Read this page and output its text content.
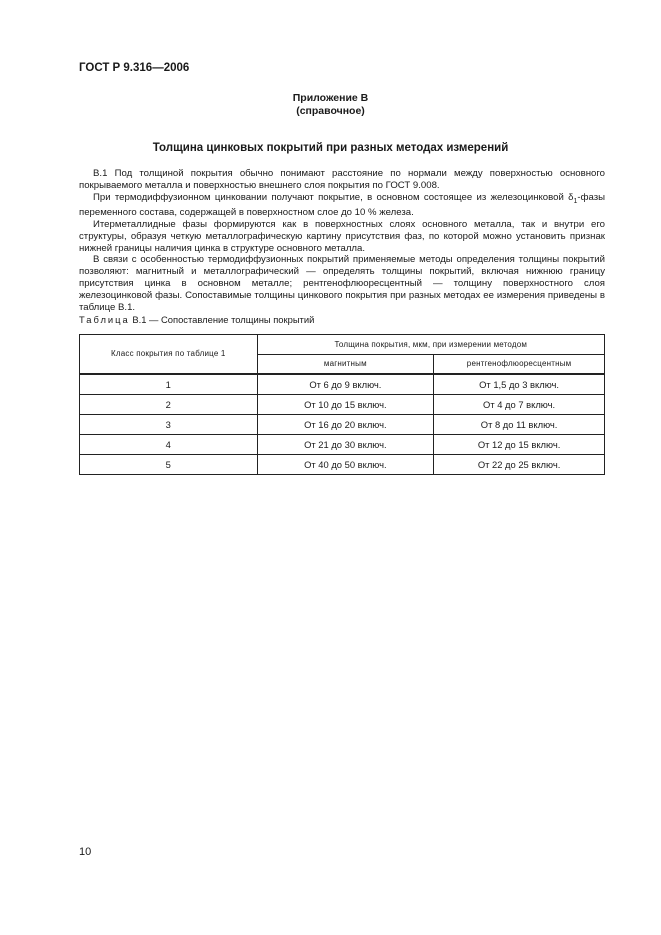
ГОСТ Р 9.316—2006
Приложение В
(справочное)
Толщина цинковых покрытий при разных методах измерений

В.1 Под толщиной покрытия обычно понимают расстояние по нормали между поверхностью основного покрываемого металла и поверхностью внешнего слоя покрытия по ГОСТ 9.008.

При термодиффузионном цинковании получают покрытие, в основном состоящее из железоцинковой $\delta_1$-фазы переменного состава, содержащей в поверхностном слое до 10 % железа.

Итерметаллидные фазы формируются как в поверхностных слоях основного металла, так и внутри его структуры, образуя четкую металлографическую картину присутствия фаз, по которой можно установить признак нижней границы наличия цинка в структуре основного металла.

В связи с особенностью термодиффузионных покрытий применяемые методы определения толщины покрытий позволяют: магнитный и металлографический — определять толщины покрытий, включая нижнюю границу присутствия цинка в основном металле; рентгенофлюоресцентный — толщину поверхностного слоя железоцинковой фазы. Сопоставимые толщины цинкового покрытия при разных методах ее измерения приведены в таблице В.1.

Таблица В.1 — Сопоставление толщины покрытий
Класс покрытия по таблице 1	Толщина покрытия, мкм, при измерении методом	
	магнитным	рентгенофлюоресцентным
1	От 6 до 9 включ.	От 1,5 до 3 включ.
2	От 10 до 15 включ.	От 4 до 7 включ.
3	От 16 до 20 включ.	От 8 до 11 включ.
4	От 21 до 30 включ.	От 12 до 15 включ.
5	От 40 до 50 включ.	От 22 до 25 включ.
10
